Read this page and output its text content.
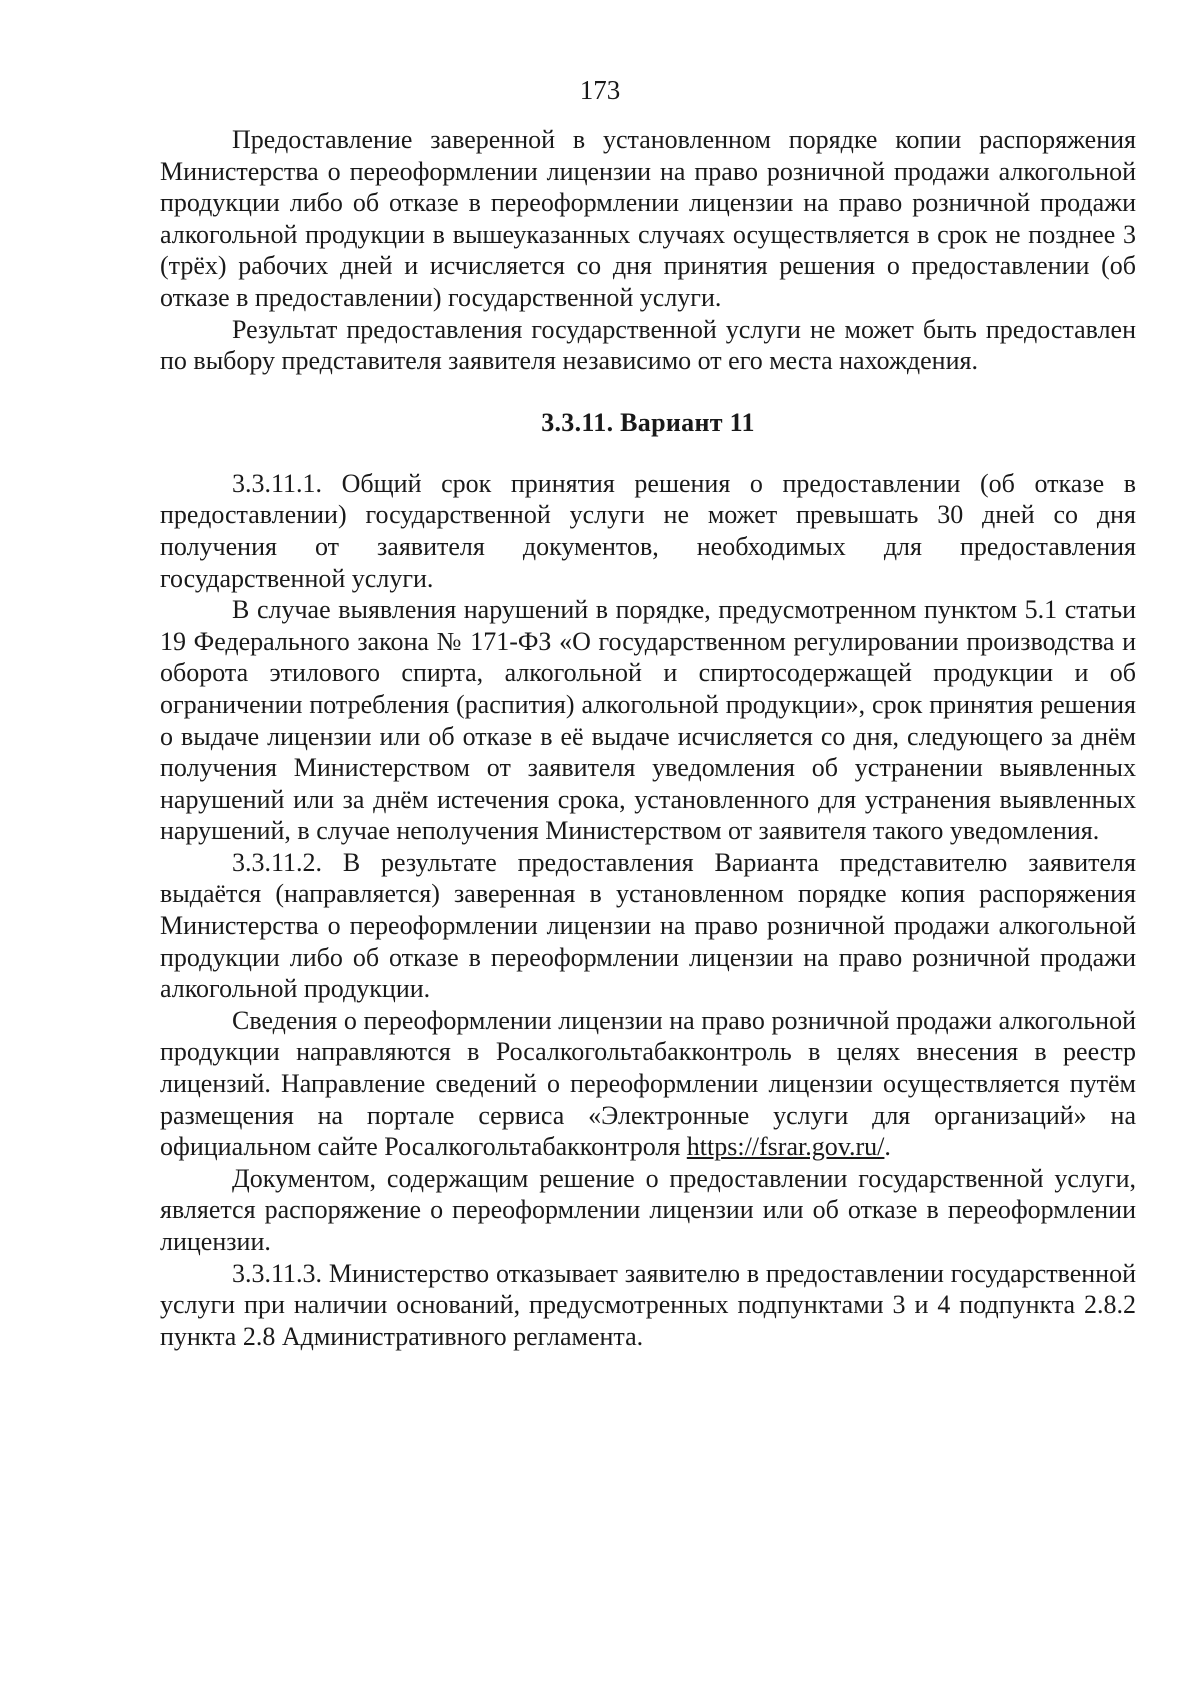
173

Предоставление заверенной в установленном порядке копии распоряжения Министерства о переоформлении лицензии на право розничной продажи алкогольной продукции либо об отказе в переоформлении лицензии на право розничной продажи алкогольной продукции в вышеуказанных случаях осуществляется в срок не позднее 3 (трёх) рабочих дней и исчисляется со дня принятия решения о предоставлении (об отказе в предоставлении) государственной услуги.

Результат предоставления государственной услуги не может быть предоставлен по выбору представителя заявителя независимо от его места нахождения.

3.3.11. Вариант 11

3.3.11.1. Общий срок принятия решения о предоставлении (об отказе в предоставлении) государственной услуги не может превышать 30 дней со дня получения от заявителя документов, необходимых для предоставления государственной услуги.

В случае выявления нарушений в порядке, предусмотренном пунктом 5.1 статьи 19 Федерального закона № 171-ФЗ «О государственном регулировании производства и оборота этилового спирта, алкогольной и спиртосодержащей продукции и об ограничении потребления (распития) алкогольной продукции», срок принятия решения о выдаче лицензии или об отказе в её выдаче исчисляется со дня, следующего за днём получения Министерством от заявителя уведомления об устранении выявленных нарушений или за днём истечения срока, установленного для устранения выявленных нарушений, в случае неполучения Министерством от заявителя такого уведомления.

3.3.11.2. В результате предоставления Варианта представителю заявителя выдаётся (направляется) заверенная в установленном порядке копия распоряжения Министерства о переоформлении лицензии на право розничной продажи алкогольной продукции либо об отказе в переоформлении лицензии на право розничной продажи алкогольной продукции.

Сведения о переоформлении лицензии на право розничной продажи алкогольной продукции направляются в Росалкогольтабакконтроль в целях внесения в реестр лицензий. Направление сведений о переоформлении лицензии осуществляется путём размещения на портале сервиса «Электронные услуги для организаций» на официальном сайте Росалкогольтабакконтроля https://fsrar.gov.ru/.

Документом, содержащим решение о предоставлении государственной услуги, является распоряжение о переоформлении лицензии или об отказе в переоформлении лицензии.

3.3.11.3. Министерство отказывает заявителю в предоставлении государственной услуги при наличии оснований, предусмотренных подпунктами 3 и 4 подпункта 2.8.2 пункта 2.8 Административного регламента.
